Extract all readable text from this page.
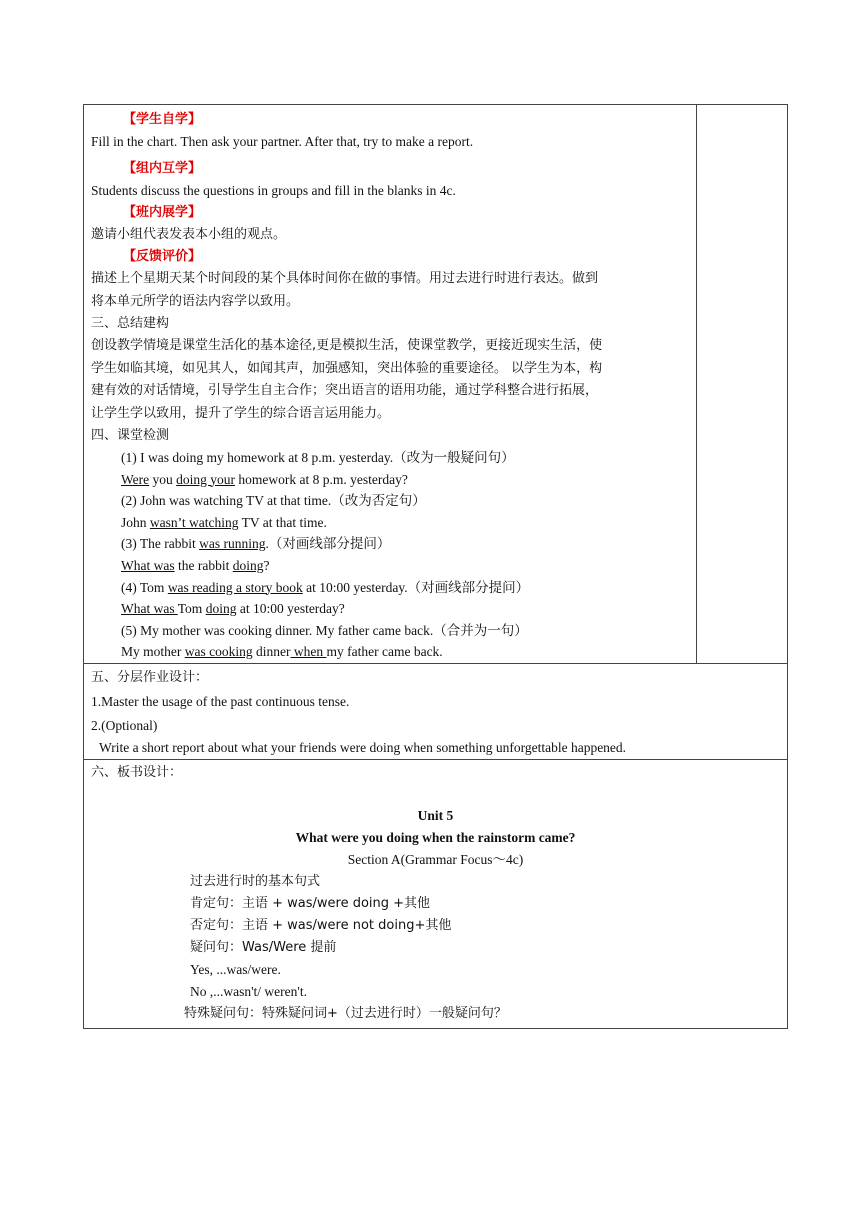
【学生自学】
Fill in the chart. Then ask your partner. After that, try to make a report.
【组内互学】
Students discuss the questions in groups and fill in the blanks in 4c.
【班内展学】
邀请小组代表发表本小组的观点。
【反馈评价】
描述上个星期天某个时间段的某个具体时间你在做的事情。用过去进行时进行表达。做到
将本单元所学的语法内容学以致用。
三、总结建构
创设教学情境是课堂生活化的基本途径,更是模拟生活，使课堂教学，更接近现实生活，使
学生如临其境，如见其人，如闻其声，加强感知，突出体验的重要途径。 以学生为本，构
建有效的对话情境，引导学生自主合作；突出语言的语用功能，通过学科整合进行拓展，
让学生学以致用，提升了学生的综合语言运用能力。
四、课堂检测
(1) I was doing my homework at 8 p.m. yesterday.（改为一般疑问句）
Were you doing your homework at 8 p.m. yesterday?
(2) John was watching TV at that time.（改为否定句）
John wasn’t watching TV at that time.
(3) The rabbit was running.（对画线部分提问）
What was the rabbit doing?
(4) Tom was reading a story book at 10:00 yesterday.（对画线部分提问）
What was Tom doing at 10:00 yesterday?
(5) My mother was cooking dinner. My father came back.（合并为一句）
My mother was cooking dinner when my father came back.

五、分层作业设计：
1.Master the usage of the past continuous tense.
2.(Optional)
Write a short report about what your friends were doing when something unforgettable happened.

六、板书设计：
Unit 5
What were you doing when the rainstorm came?
Section A(Grammar Focus～4c)
过去进行时的基本句式
肯定句：主语 + was/were doing +其他
否定句：主语 + was/were not doing+其他
疑问句：Was/Were 提前
Yes, ...was/were.
No ,...wasn't/ weren't.
特殊疑问句：特殊疑问词+（过去进行时）一般疑问句？
